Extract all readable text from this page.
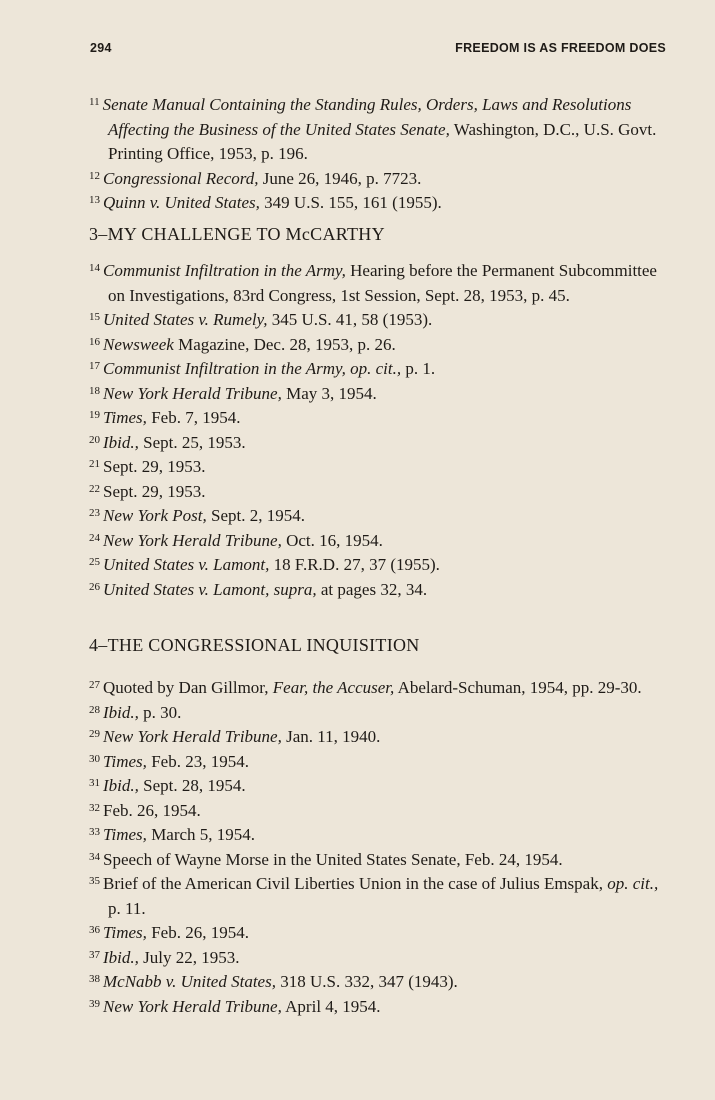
294	FREEDOM IS AS FREEDOM DOES
$^{11}$ Senate Manual Containing the Standing Rules, Orders, Laws and Resolutions Affecting the Business of the United States Senate, Washington, D.C., U.S. Govt. Printing Office, 1953, p. 196.
$^{12}$ Congressional Record, June 26, 1946, p. 7723.
$^{13}$ Quinn v. United States, 349 U.S. 155, 161 (1955).
3–MY CHALLENGE TO McCARTHY
$^{14}$ Communist Infiltration in the Army, Hearing before the Permanent Subcommittee on Investigations, 83rd Congress, 1st Session, Sept. 28, 1953, p. 45.
$^{15}$ United States v. Rumely, 345 U.S. 41, 58 (1953).
$^{16}$ Newsweek Magazine, Dec. 28, 1953, p. 26.
$^{17}$ Communist Infiltration in the Army, op. cit., p. 1.
$^{18}$ New York Herald Tribune, May 3, 1954.
$^{19}$ Times, Feb. 7, 1954.
$^{20}$ Ibid., Sept. 25, 1953.
$^{21}$ Sept. 29, 1953.
$^{22}$ Sept. 29, 1953.
$^{23}$ New York Post, Sept. 2, 1954.
$^{24}$ New York Herald Tribune, Oct. 16, 1954.
$^{25}$ United States v. Lamont, 18 F.R.D. 27, 37 (1955).
$^{26}$ United States v. Lamont, supra, at pages 32, 34.
4–THE CONGRESSIONAL INQUISITION
$^{27}$ Quoted by Dan Gillmor, Fear, the Accuser, Abelard-Schuman, 1954, pp. 29-30.
$^{28}$ Ibid., p. 30.
$^{29}$ New York Herald Tribune, Jan. 11, 1940.
$^{30}$ Times, Feb. 23, 1954.
$^{31}$ Ibid., Sept. 28, 1954.
$^{32}$ Feb. 26, 1954.
$^{33}$ Times, March 5, 1954.
$^{34}$ Speech of Wayne Morse in the United States Senate, Feb. 24, 1954.
$^{35}$ Brief of the American Civil Liberties Union in the case of Julius Emspak, op. cit., p. 11.
$^{36}$ Times, Feb. 26, 1954.
$^{37}$ Ibid., July 22, 1953.
$^{38}$ McNabb v. United States, 318 U.S. 332, 347 (1943).
$^{39}$ New York Herald Tribune, April 4, 1954.
